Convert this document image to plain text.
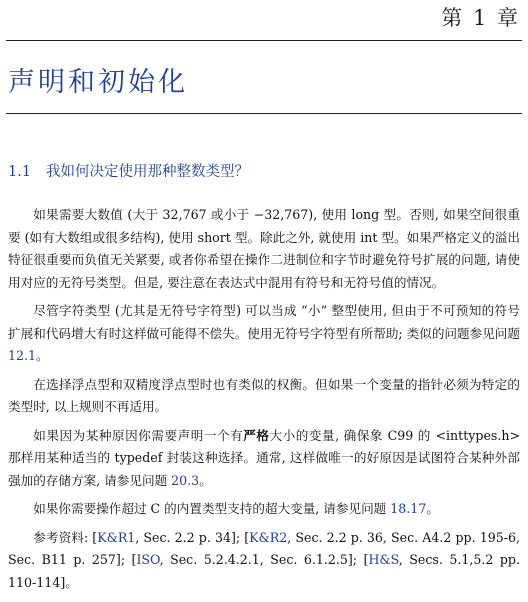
第 1 章
声明和初始化
1.1 我如何决定使用那种整数类型？

如果需要大数值 (大于 32,767 或小于 −32,767), 使用 long 型。否则, 如果空间很重要 (如有大数组或很多结构), 使用 short 型。除此之外, 就使用 int 型。如果严格定义的溢出特征很重要而负值无关紧要, 或者你希望在操作二进制位和字节时避免符号扩展的问题, 请使用对应的无符号类型。但是, 要注意在表达式中混用有符号和无符号值的情况。

尽管字符类型 (尤其是无符号字符型) 可以当成 “小” 整型使用, 但由于不可预知的符号扩展和代码增大有时这样做可能得不偿失。使用无符号字符型有所帮助; 类似的问题参见问题 12.1。

在选择浮点型和双精度浮点型时也有类似的权衡。但如果一个变量的指针必须为特定的类型时, 以上规则不再适用。

如果因为某种原因你需要声明一个有严格大小的变量, 确保象 C99 的 <inttypes.h> 那样用某种适当的 typedef 封装这种选择。通常, 这样做唯一的好原因是试图符合某种外部强加的存储方案, 请参见问题 20.3。

如果你需要操作超过 C 的内置类型支持的超大变量, 请参见问题 18.17。

参考资料: [K&R1, Sec. 2.2 p. 34]; [K&R2, Sec. 2.2 p. 36, Sec. A4.2 pp. 195-6, Sec. B11 p. 257]; [ISO, Sec. 5.2.4.2.1, Sec. 6.1.2.5]; [H&S, Secs. 5.1,5.2 pp. 110-114]。
